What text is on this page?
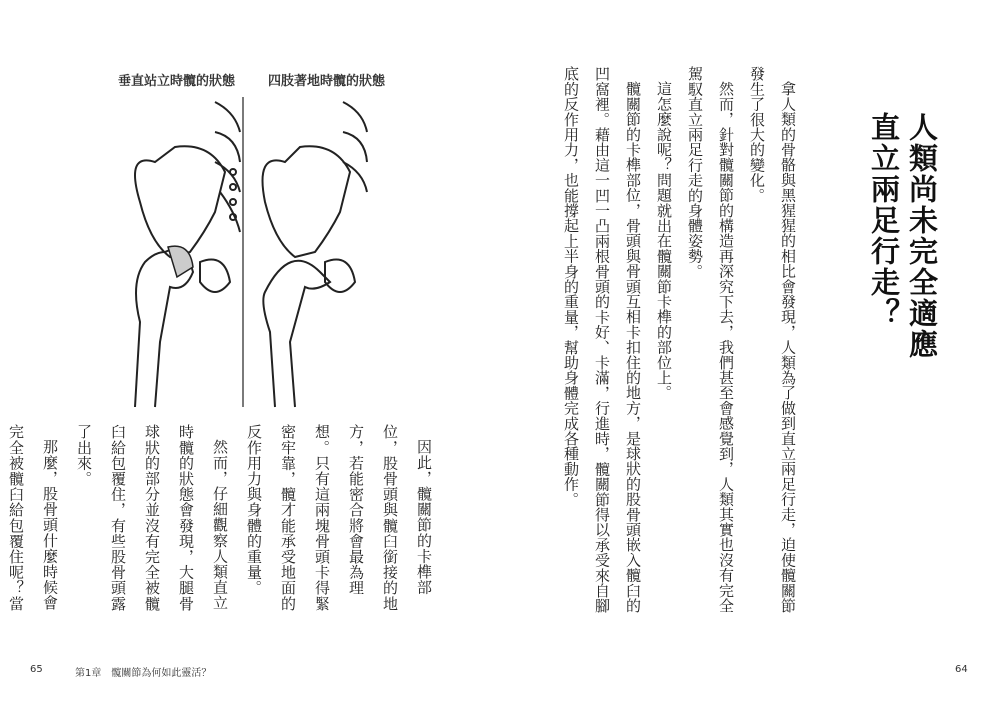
人類尚未完全適應
直立兩足行走？

拿人類的骨骼與黑猩猩的相比會發現，人類為了做到直立兩足行走，迫使髖關節發生了很大的變化。

然而，針對髖關節的構造再深究下去，我們甚至會感覺到，人類其實也沒有完全駕馭直立兩足行走的身體姿勢。

這怎麼說呢？問題就出在髖關節卡榫的部位上。

髖關節的卡榫部位，骨頭與骨頭互相卡扣住的地方，是球狀的股骨頭嵌入髖臼的凹窩裡。藉由這一凹一凸兩根骨頭的卡好、卡滿，行進時，髖關節得以承受來自腳底的反作用力，也能撐起上半身的重量，幫助身體完成各種動作。

64
垂直站立時髖的狀態	四肢著地時髖的狀態

因此，髖關節的卡榫部位，股骨頭與髖臼銜接的地方，若能密合將會最為理想。只有這兩塊骨頭卡得緊密牢靠，髖才能承受地面的反作用力與身體的重量。

然而，仔細觀察人類直立時髖的狀態會發現，大腿骨球狀的部分並沒有完全被髖臼給包覆住，有些股骨頭露了出來。

那麼，股骨頭什麼時候會完全被髖臼給包覆住呢？當

65	第1章　髖關節為何如此靈活？
